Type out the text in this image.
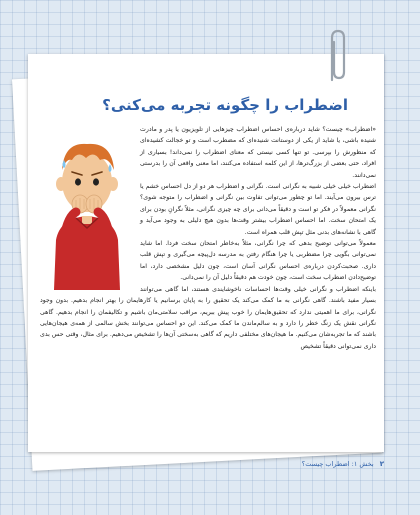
اضطراب را چگونه تجربه می‌کنی؟

«اضطراب» چیست؟ شاید درباره‌ی احساس اضطراب چیزهایی از تلویزیون یا پدر و مادرت شنیده باشی، یا شاید از یکی از دوستانت شنیده‌ای که مضطرب است و تو خجالت کشیده‌ای که منظورش را بپرسی. تو تنها کسی نیستی که معنای اضطراب را نمی‌داند! بسیاری از افراد، حتی بعضی از بزرگ‌ترها، از این کلمه استفاده می‌کنند، اما معنی واقعی آن را بدرستی نمی‌دانند.

اضطراب خیلی خیلی شبیه به نگرانی است. نگرانی و اضطراب هر دو از دل احساس خشم یا ترس بیرون می‌آیند. اما تو چطور می‌توانی تفاوت بین نگرانی و اضطراب را متوجه شوی؟ نگرانی معمولاً در فکر تو است و دقیقاً می‌دانی برای چه چیزی نگرانی، مثلاً نگرانِ بودن برای یک امتحان سخت. اما احساس اضطراب بیشتر وقت‌ها بدون هیچ دلیلی به وجود می‌آید و گاهی با نشانه‌های بدنی مثل تپش قلب همراه است.

معمولاً می‌توانی توضیح بدهی که چرا نگرانی، مثلاً به‌خاطر امتحان سخت فردا. اما شاید نمی‌توانی بگویی چرا مضطربی یا چرا هنگام رفتن به مدرسه دل‌پیچه می‌گیری و تپش قلب داری. صحبت‌کردن درباره‌ی احساس نگرانی آسان است، چون دلیل مشخصی دارد، اما توضیح‌دادن اضطراب سخت است، چون خودت هم دقیقاً دلیل آن را نمی‌دانی.

باینکه اضطراب و نگرانی خیلی وقت‌ها احساسات ناخوشایندی هستند، اما گاهی می‌توانند بسیار مفید باشند. گاهی نگرانی به ما کمک می‌کند یک تحقیق را به پایان برسانیم یا کارهایمان را بهتر انجام بدهیم. بدون وجود نگرانی، برای ما اهمیتی ندارد که تحقیق‌هایمان را خوب پیش ببریم، مراقب سلامتی‌مان باشیم و تکالیفمان را انجام بدهیم. گاهی نگرانی نقش یک زنگ خطر را دارد و به سالم‌ماندن ما کمک می‌کند. این دو احساس می‌توانند بخش سالمی از همه‌ی هیجان‌هایی باشند که ما تجربه‌شان می‌کنیم. ما هیجان‌های مختلفی داریم که گاهی به‌سختی آن‌ها را تشخیص می‌دهیم. برای مثال، وقتی حس بدی داری نمی‌توانی دقیقاً تشخیص

۲
بخش ۱: اضطراب چیست؟
